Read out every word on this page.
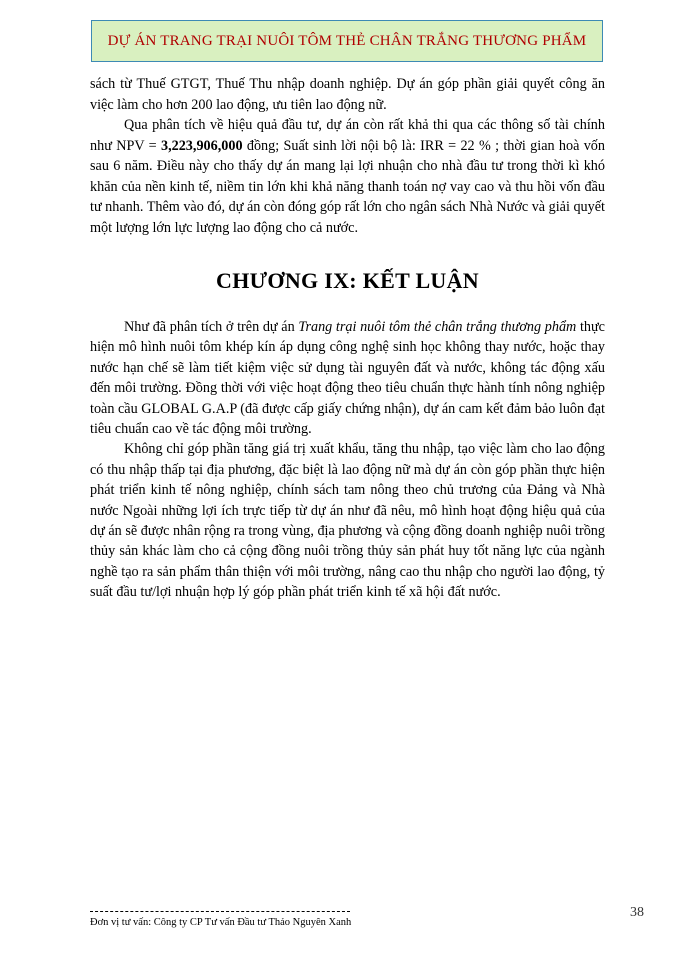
DỰ ÁN TRANG TRẠI NUÔI TÔM THẺ CHÂN TRẮNG THƯƠNG PHẨM

sách từ Thuế GTGT, Thuế Thu nhập doanh nghiệp. Dự án góp phần giải quyết công ăn việc làm cho hơn 200 lao động, ưu tiên lao động nữ.

Qua phân tích về hiệu quả đầu tư, dự án còn rất khả thi qua các thông số tài chính như NPV = 3,223,906,000 đồng; Suất sinh lời nội bộ là: IRR = 22 % ; thời gian hoà vốn sau 6 năm. Điều này cho thấy dự án mang lại lợi nhuận cho nhà đầu tư trong thời kì khó khăn của nền kinh tế, niềm tin lớn khi khả năng thanh toán nợ vay cao và thu hồi vốn đầu tư nhanh. Thêm vào đó, dự án còn đóng góp rất lớn cho ngân sách Nhà Nước và giải quyết một lượng lớn lực lượng lao động cho cả nước.

CHƯƠNG IX: KẾT LUẬN

Như đã phân tích ở trên dự án Trang trại nuôi tôm thẻ chân trắng thương phẩm thực hiện mô hình nuôi tôm khép kín áp dụng công nghệ sinh học không thay nước, hoặc thay nước hạn chế sẽ làm tiết kiệm việc sử dụng tài nguyên đất và nước, không tác động xấu đến môi trường. Đồng thời với việc hoạt động theo tiêu chuẩn thực hành tính nông nghiệp toàn cầu GLOBAL G.A.P (đã được cấp giấy chứng nhận), dự án cam kết đảm bảo luôn đạt tiêu chuẩn cao về tác động môi trường.

Không chỉ góp phần tăng giá trị xuất khẩu, tăng thu nhập, tạo việc làm cho lao động có thu nhập thấp tại địa phương, đặc biệt là lao động nữ mà dự án còn góp phần thực hiện phát triển kinh tế nông nghiệp, chính sách tam nông theo chủ trương của Đảng và Nhà nước Ngoài những lợi ích trực tiếp từ dự án như đã nêu, mô hình hoạt động hiệu quả của dự án sẽ được nhân rộng ra trong vùng, địa phương và cộng đồng doanh nghiệp nuôi trồng thủy sản khác làm cho cả cộng đồng nuôi trồng thủy sản phát huy tốt năng lực của ngành nghề tạo ra sản phẩm thân thiện với môi trường, nâng cao thu nhập cho người lao động, tỷ suất đầu tư/lợi nhuận hợp lý góp phần phát triển kinh tế xã hội đất nước.

Đơn vị tư vấn: Công ty CP Tư vấn Đầu tư Thảo Nguyên Xanh
38
